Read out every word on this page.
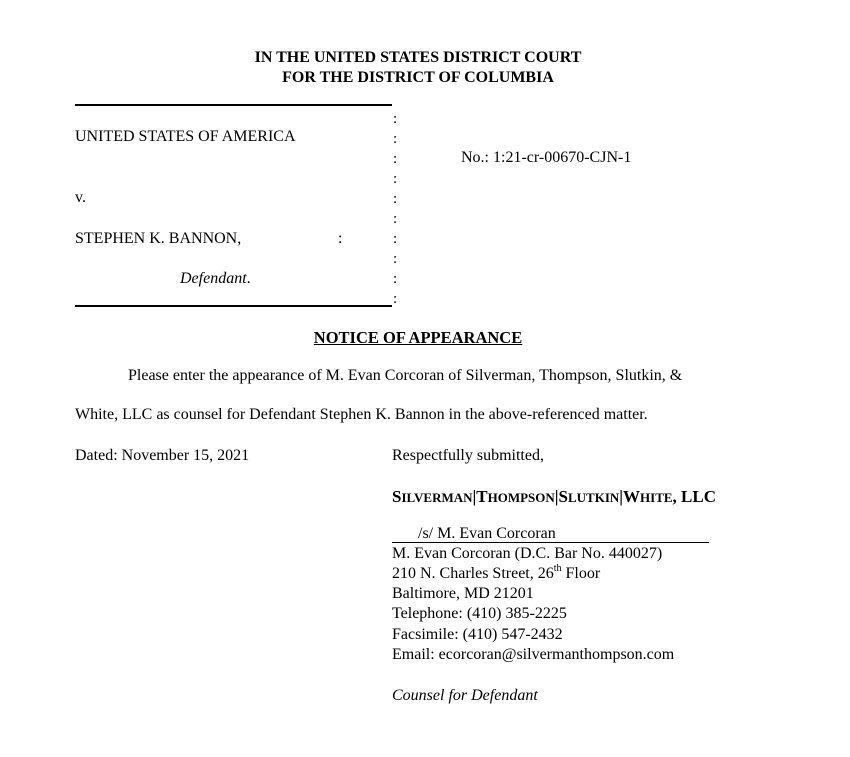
IN THE UNITED STATES DISTRICT COURT
FOR THE DISTRICT OF COLUMBIA
:
:
:
:
:
:
:
:
:
:
UNITED STATES OF AMERICA
v.
STEPHEN K. BANNON,	:
Defendant.
No.: 1:21-cr-00670-CJN-1
NOTICE OF APPEARANCE
Please enter the appearance of M. Evan Corcoran of Silverman, Thompson, Slutkin, &
White, LLC as counsel for Defendant Stephen K. Bannon in the above-referenced matter.
Dated: November 15, 2021	Respectfully submitted,
SILVERMAN|THOMPSON|SLUTKIN|WHITE, LLC
/s/ M. Evan Corcoran
M. Evan Corcoran (D.C. Bar No. 440027)
210 N. Charles Street, 26th Floor
Baltimore, MD 21201
Telephone: (410) 385-2225
Facsimile: (410) 547-2432
Email: ecorcoran@silvermanthompson.com
Counsel for Defendant
